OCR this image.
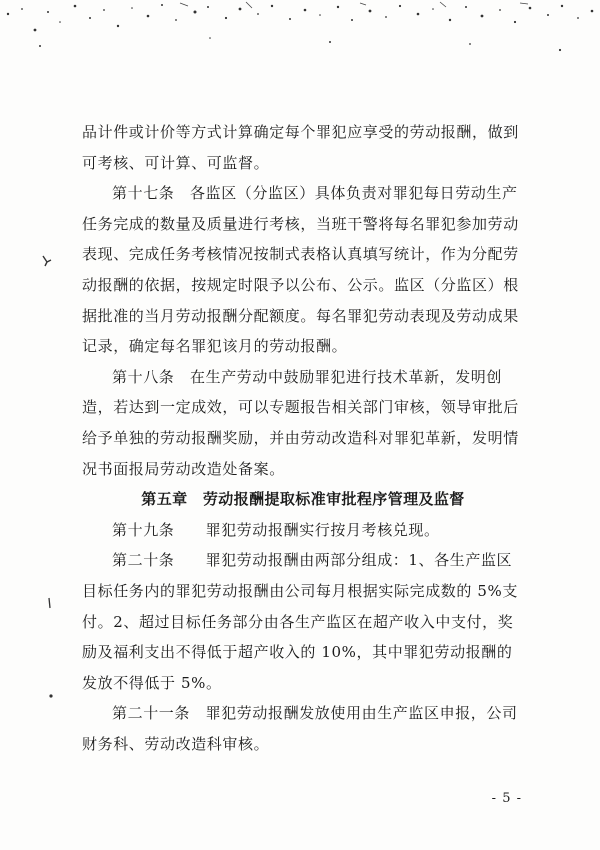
品计件或计价等方式计算确定每个罪犯应享受的劳动报酬，做到可考核、可计算、可监督。

第十七条　各监区（分监区）具体负责对罪犯每日劳动生产任务完成的数量及质量进行考核，当班干警将每名罪犯参加劳动表现、完成任务考核情况按制式表格认真填写统计，作为分配劳动报酬的依据，按规定时限予以公布、公示。监区（分监区）根据批准的当月劳动报酬分配额度。每名罪犯劳动表现及劳动成果记录，确定每名罪犯该月的劳动报酬。

第十八条　在生产劳动中鼓励罪犯进行技术革新，发明创造，若达到一定成效，可以专题报告相关部门审核，领导审批后给予单独的劳动报酬奖励，并由劳动改造科对罪犯革新，发明情况书面报局劳动改造处备案。

第五章　劳动报酬提取标准审批程序管理及监督

第十九条　　罪犯劳动报酬实行按月考核兑现。

第二十条　　罪犯劳动报酬由两部分组成：1、各生产监区目标任务内的罪犯劳动报酬由公司每月根据实际完成数的 5%支付。2、超过目标任务部分由各生产监区在超产收入中支付，奖励及福利支出不得低于超产收入的 10%，其中罪犯劳动报酬的发放不得低于 5%。

第二十一条　罪犯劳动报酬发放使用由生产监区申报，公司财务科、劳动改造科审核。

- 5 -
